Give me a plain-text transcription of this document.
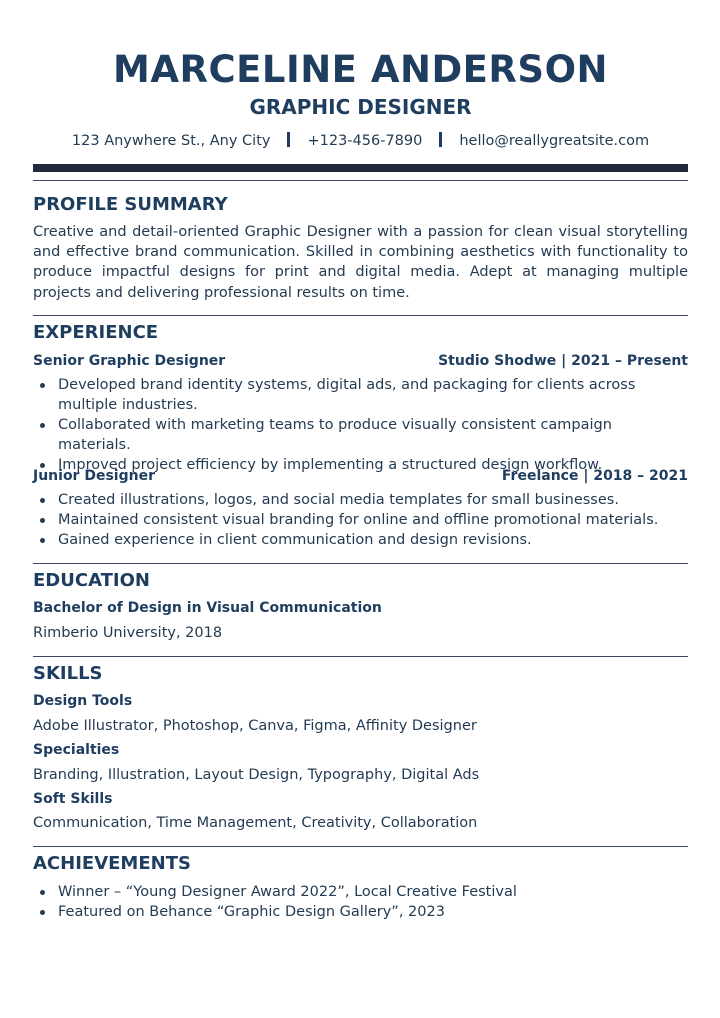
MARCELINE ANDERSON
GRAPHIC DESIGNER
123 Anywhere St., Any City	+123-456-7890	hello@reallygreatsite.com
PROFILE SUMMARY
Creative and detail-oriented Graphic Designer with a passion for clean visual storytelling and effective brand communication. Skilled in combining aesthetics with functionality to produce impactful designs for print and digital media. Adept at managing multiple projects and delivering professional results on time.
EXPERIENCE
Senior Graphic Designer	Studio Shodwe | 2021 – Present
Developed brand identity systems, digital ads, and packaging for clients across multiple industries.
Collaborated with marketing teams to produce visually consistent campaign materials.
Improved project efficiency by implementing a structured design workflow.
Junior Designer	Freelance | 2018 – 2021
Created illustrations, logos, and social media templates for small businesses.
Maintained consistent visual branding for online and offline promotional materials.
Gained experience in client communication and design revisions.
EDUCATION
Bachelor of Design in Visual Communication
Rimberio University, 2018
SKILLS
Design Tools
Adobe Illustrator, Photoshop, Canva, Figma, Affinity Designer
Specialties
Branding, Illustration, Layout Design, Typography, Digital Ads
Soft Skills
Communication, Time Management, Creativity, Collaboration
ACHIEVEMENTS
Winner – “Young Designer Award 2022”, Local Creative Festival
Featured on Behance “Graphic Design Gallery”, 2023
